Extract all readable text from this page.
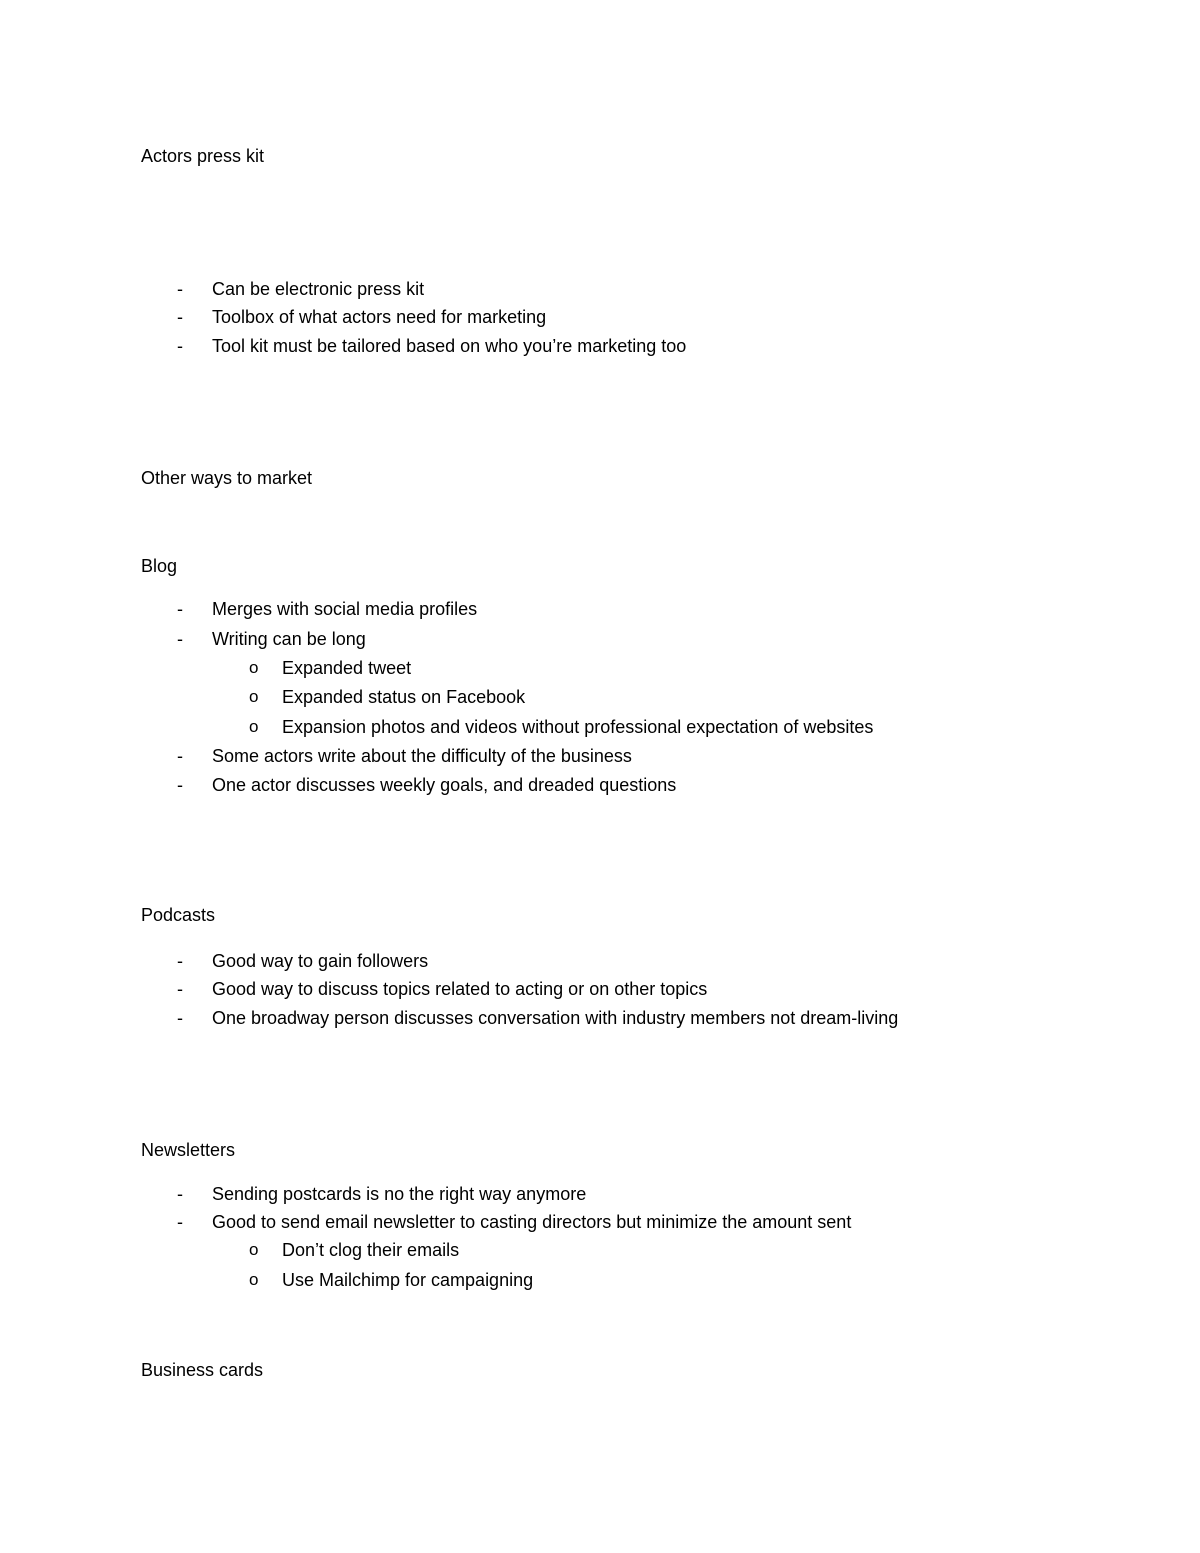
Actors press kit
- Can be electronic press kit
- Toolbox of what actors need for marketing
- Tool kit must be tailored based on who you’re marketing too
Other ways to market
Blog
- Merges with social media profiles
- Writing can be long
o Expanded tweet
o Expanded status on Facebook
o Expansion photos and videos without professional expectation of websites
- Some actors write about the difficulty of the business
- One actor discusses weekly goals, and dreaded questions
Podcasts
- Good way to gain followers
- Good way to discuss topics related to acting or on other topics
- One broadway person discusses conversation with industry members not dream-living
Newsletters
- Sending postcards is no the right way anymore
- Good to send email newsletter to casting directors but minimize the amount sent
o Don’t clog their emails
o Use Mailchimp for campaigning
Business cards
